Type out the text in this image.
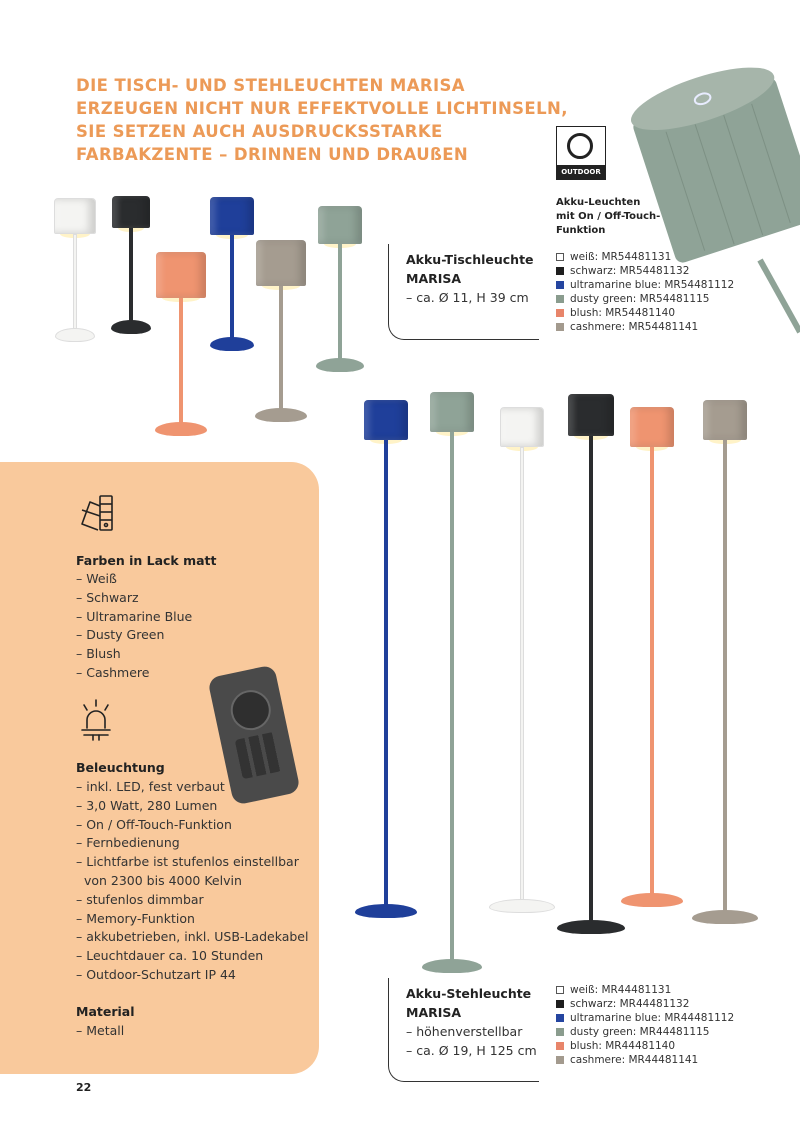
DIE TISCH- UND STEHLEUCHTEN MARISA
ERZEUGEN NICHT NUR EFFEKTVOLLE LICHTINSELN,
SIE SETZEN AUCH AUSDRUCKSSTARKE
FARBAKZENTE – DRINNEN UND DRAUßEN
OUTDOOR
Akku-Leuchten
mit On / Off-Touch-
Funktion
Akku-Tischleuchte
MARISA
– ca. Ø 11, H 39 cm
weiß: MR54481131
schwarz: MR54481132
ultramarine blue: MR54481112
dusty green: MR54481115
blush: MR54481140
cashmere: MR54481141
Akku-Stehleuchte
MARISA
– höhenverstellbar
– ca. Ø 19, H 125 cm
weiß: MR44481131
schwarz: MR44481132
ultramarine blue: MR44481112
dusty green: MR44481115
blush: MR44481140
cashmere: MR44481141
Farben in Lack matt
– Weiß
– Schwarz
– Ultramarine Blue
– Dusty Green
– Blush
– Cashmere
Beleuchtung
– inkl. LED, fest verbaut
– 3,0 Watt, 280 Lumen
– On / Off-Touch-Funktion
– Fernbedienung
– Lichtfarbe ist stufenlos einstellbar
von 2300 bis 4000 Kelvin
– stufenlos dimmbar
– Memory-Funktion
– akkubetrieben, inkl. USB-Ladekabel
– Leuchtdauer ca. 10 Stunden
– Outdoor-Schutzart IP 44
Material
– Metall
22
